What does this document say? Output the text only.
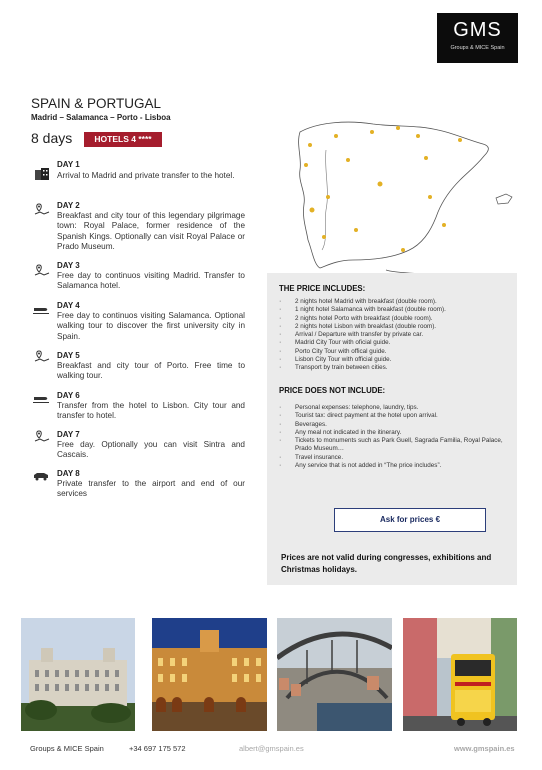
GMS
Groups & MICE Spain
SPAIN & PORTUGAL
Madrid – Salamanca – Porto - Lisboa
8 days	HOTELS 4 ****
DAY 1
Arrival to Madrid and private transfer to the hotel.
DAY 2
Breakfast and city tour of this legendary pilgrimage town: Royal Palace, former residence of the Spanish Kings. Optionally can visit Royal Palace or Prado Museum.
DAY 3
Free day to continuos visiting Madrid. Transfer to Salamanca hotel.
DAY 4
Free day to continuos visiting Salamanca. Optional walking tour to discover the first university city in Spain.
DAY 5
Breakfast and city tour of Porto. Free time to walking tour.
DAY 6
Transfer from the hotel to Lisbon. City tour and transfer to hotel.
DAY 7
Free day. Optionally you can visit Sintra and Cascais.
DAY 8
Private transfer to the airport and end of our services
THE PRICE INCLUDES:
· 2 nights hotel Madrid with breakfast (double room).
· 1 night hotel Salamanca with breakfast (double room).
· 2 nights hotel Porto with breakfast (double room).
· 2 nights hotel Lisbon with breakfast (double room).
· Arrival / Departure with transfer by private car.
· Madrid City Tour with oficial guide.
· Porto City Tour with offical guide.
· Lisbon City Tour with official guide.
· Transport by train between cities.
PRICE DOES NOT INCLUDE:
· Personal expenses: telephone, laundry, tips.
· Tourist tax: direct payment at the hotel upon arrival.
· Beverages.
· Any meal not indicated in the itinerary.
· Tickets to monuments such as Park Guell, Sagrada Familia, Royal Palace, Prado Museum…
· Travel insurance.
· Any service that is not added in “The price includes”.
Ask for prices €
Prices are not valid during congresses, exhibitions and Christmas holidays.
Groups & MICE Spain	+34 697 175 572	albert@gmspain.es	www.gmspain.es
